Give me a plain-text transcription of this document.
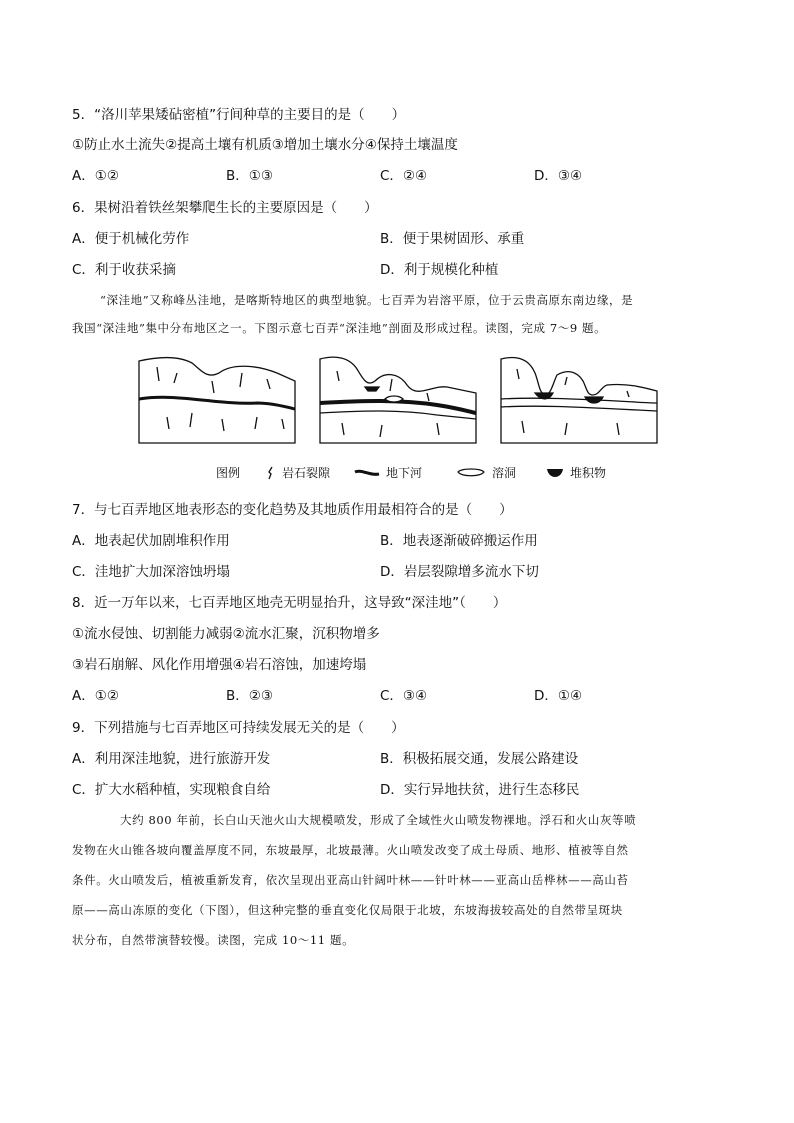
5．“洛川苹果矮砧密植”行间种草的主要目的是（　　）
①防止水土流失②提高土壤有机质③增加土壤水分④保持土壤温度
A．①②	B．①③	C．②④	D．③④
6．果树沿着铁丝架攀爬生长的主要原因是（　　）
A．便于机械化劳作	B．便于果树固形、承重
C．利于收获采摘	D．利于规模化种植
“深洼地”又称峰丛洼地，是喀斯特地区的典型地貌。七百弄为岩溶平原，位于云贵高原东南边缘，是
我国“深洼地”集中分布地区之一。下图示意七百弄“深洼地”剖面及形成过程。读图，完成 7～9 题。
图例	岩石裂隙	地下河	溶洞	堆积物
7．与七百弄地区地表形态的变化趋势及其地质作用最相符合的是（　　）
A．地表起伏加剧堆积作用	B．地表逐渐破碎搬运作用
C．洼地扩大加深溶蚀坍塌	D．岩层裂隙增多流水下切
8．近一万年以来，七百弄地区地壳无明显抬升，这导致“深洼地”（　　）
①流水侵蚀、切割能力减弱②流水汇聚，沉积物增多
③岩石崩解、风化作用增强④岩石溶蚀，加速垮塌
A．①②	B．②③	C．③④	D．①④
9．下列措施与七百弄地区可持续发展无关的是（　　）
A．利用深洼地貌，进行旅游开发	B．积极拓展交通，发展公路建设
C．扩大水稻种植，实现粮食自给	D．实行异地扶贫，进行生态移民
大约 800 年前，长白山天池火山大规模喷发，形成了全域性火山喷发物裸地。浮石和火山灰等喷
发物在火山锥各坡向覆盖厚度不同，东坡最厚，北坡最薄。火山喷发改变了成土母质、地形、植被等自然
条件。火山喷发后，植被重新发育，依次呈现出亚高山针阔叶林——针叶林——亚高山岳桦林——高山苔
原——高山冻原的变化（下图），但这种完整的垂直变化仅局限于北坡，东坡海拔较高处的自然带呈斑块
状分布，自然带演替较慢。读图，完成 10～11 题。
